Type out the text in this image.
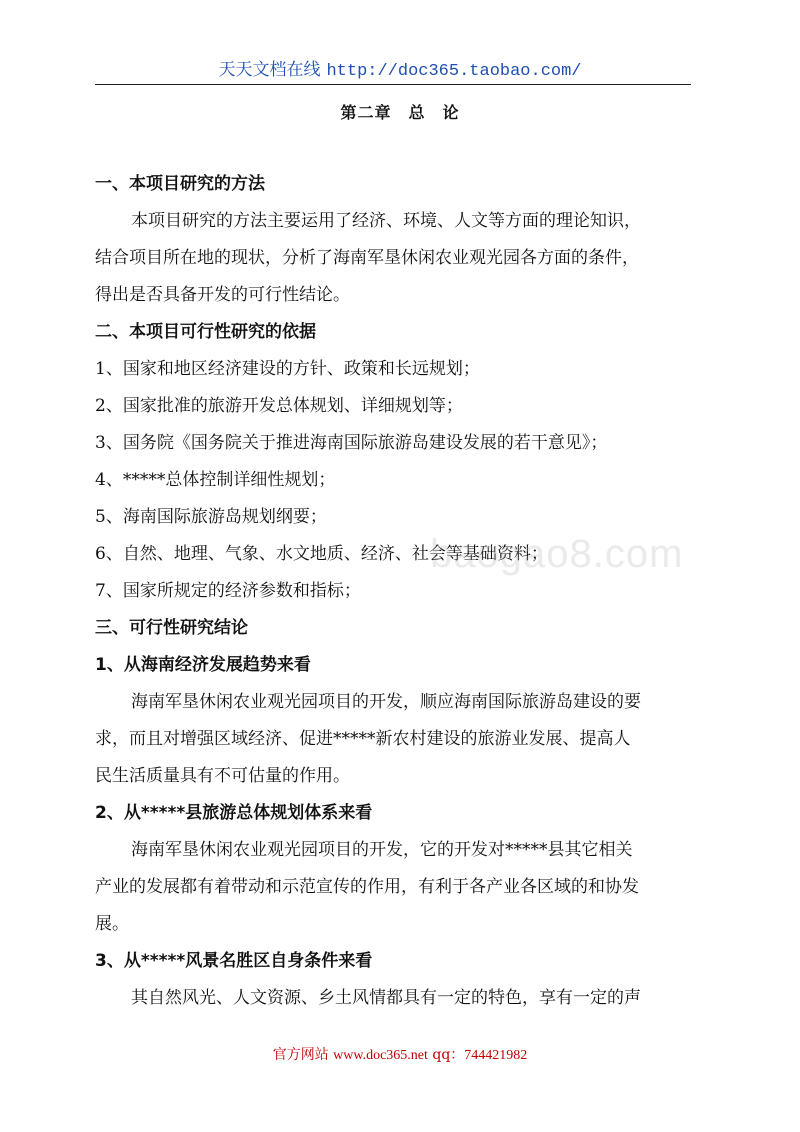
天天文档在线 http://doc365.taobao.com/
第二章　总　论
一、本项目研究的方法
本项目研究的方法主要运用了经济、环境、人文等方面的理论知识，
结合项目所在地的现状，分析了海南军垦休闲农业观光园各方面的条件，
得出是否具备开发的可行性结论。
二、本项目可行性研究的依据
1、国家和地区经济建设的方针、政策和长远规划；
2、国家批准的旅游开发总体规划、详细规划等；
3、国务院《国务院关于推进海南国际旅游岛建设发展的若干意见》；
4、*****总体控制详细性规划；
5、海南国际旅游岛规划纲要；
6、自然、地理、气象、水文地质、经济、社会等基础资料；
7、国家所规定的经济参数和指标；
三、可行性研究结论
1、从海南经济发展趋势来看
海南军垦休闲农业观光园项目的开发，顺应海南国际旅游岛建设的要
求，而且对增强区域经济、促进*****新农村建设的旅游业发展、提高人
民生活质量具有不可估量的作用。
2、从*****县旅游总体规划体系来看
海南军垦休闲农业观光园项目的开发，它的开发对*****县其它相关
产业的发展都有着带动和示范宣传的作用，有利于各产业各区域的和协发
展。
3、从*****风景名胜区自身条件来看
其自然风光、人文资源、乡土风情都具有一定的特色，享有一定的声
baogao8.com
官方网站 www.doc365.net qq：744421982
